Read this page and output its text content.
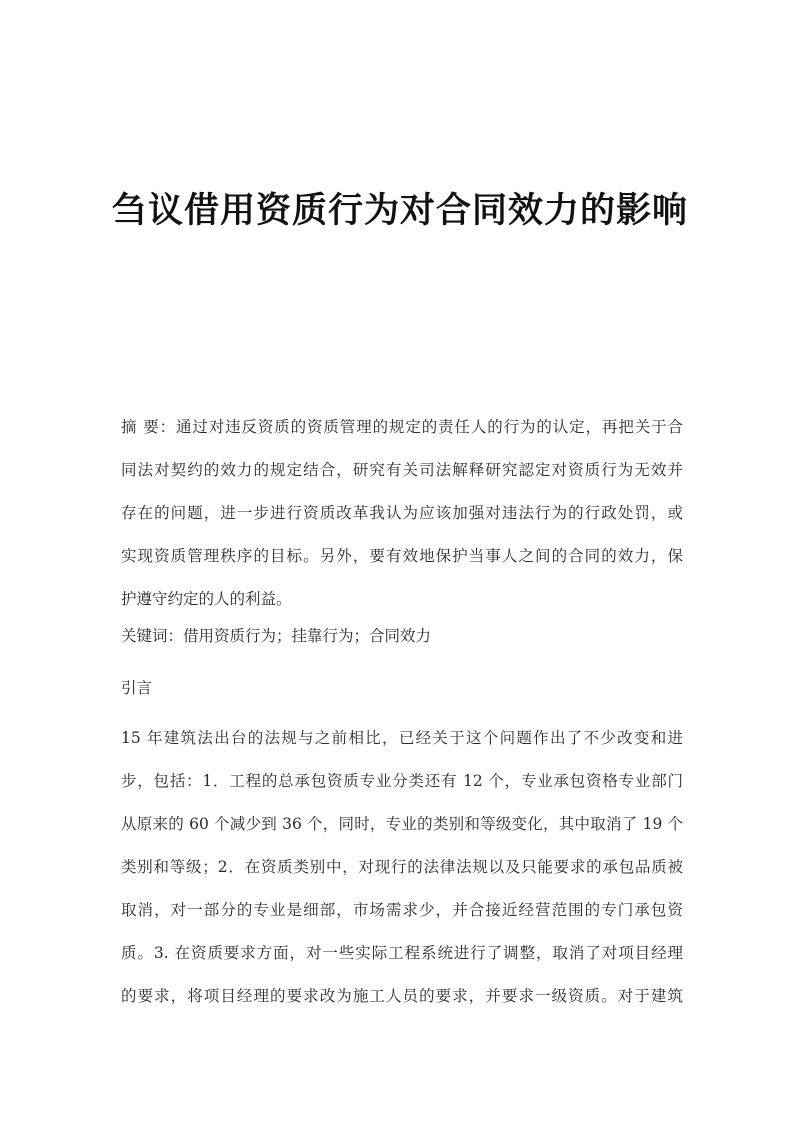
刍议借用资质行为对合同效力的影响
摘 要：通过对违反资质的资质管理的规定的责任人的行为的认定，再把关于合
同法对契约的效力的规定结合，研究有关司法解释研究認定对资质行为无效并
存在的问题，进一步进行资质改革我认为应该加强对违法行为的行政处罚，或
实现资质管理秩序的目标。另外，要有效地保护当事人之间的合同的效力，保
护遵守约定的人的利益。

关键词：借用资质行为；挂靠行为；合同效力

引言

15 年建筑法出台的法规与之前相比，已经关于这个问题作出了不少改变和进
步，包括：1．工程的总承包资质专业分类还有 12 个，专业承包资格专业部门
从原来的 60 个减少到 36 个，同时，专业的类别和等级变化，其中取消了 19 个
类别和等级；2．在资质类别中，对现行的法律法规以及只能要求的承包品质被
取消，对一部分的专业是细部，市场需求少，并合接近经营范围的专门承包资
质。3. 在资质要求方面，对一些实际工程系统进行了调整，取消了对项目经理
的要求，将项目经理的要求改为施工人员的要求，并要求一级资质。对于建筑
